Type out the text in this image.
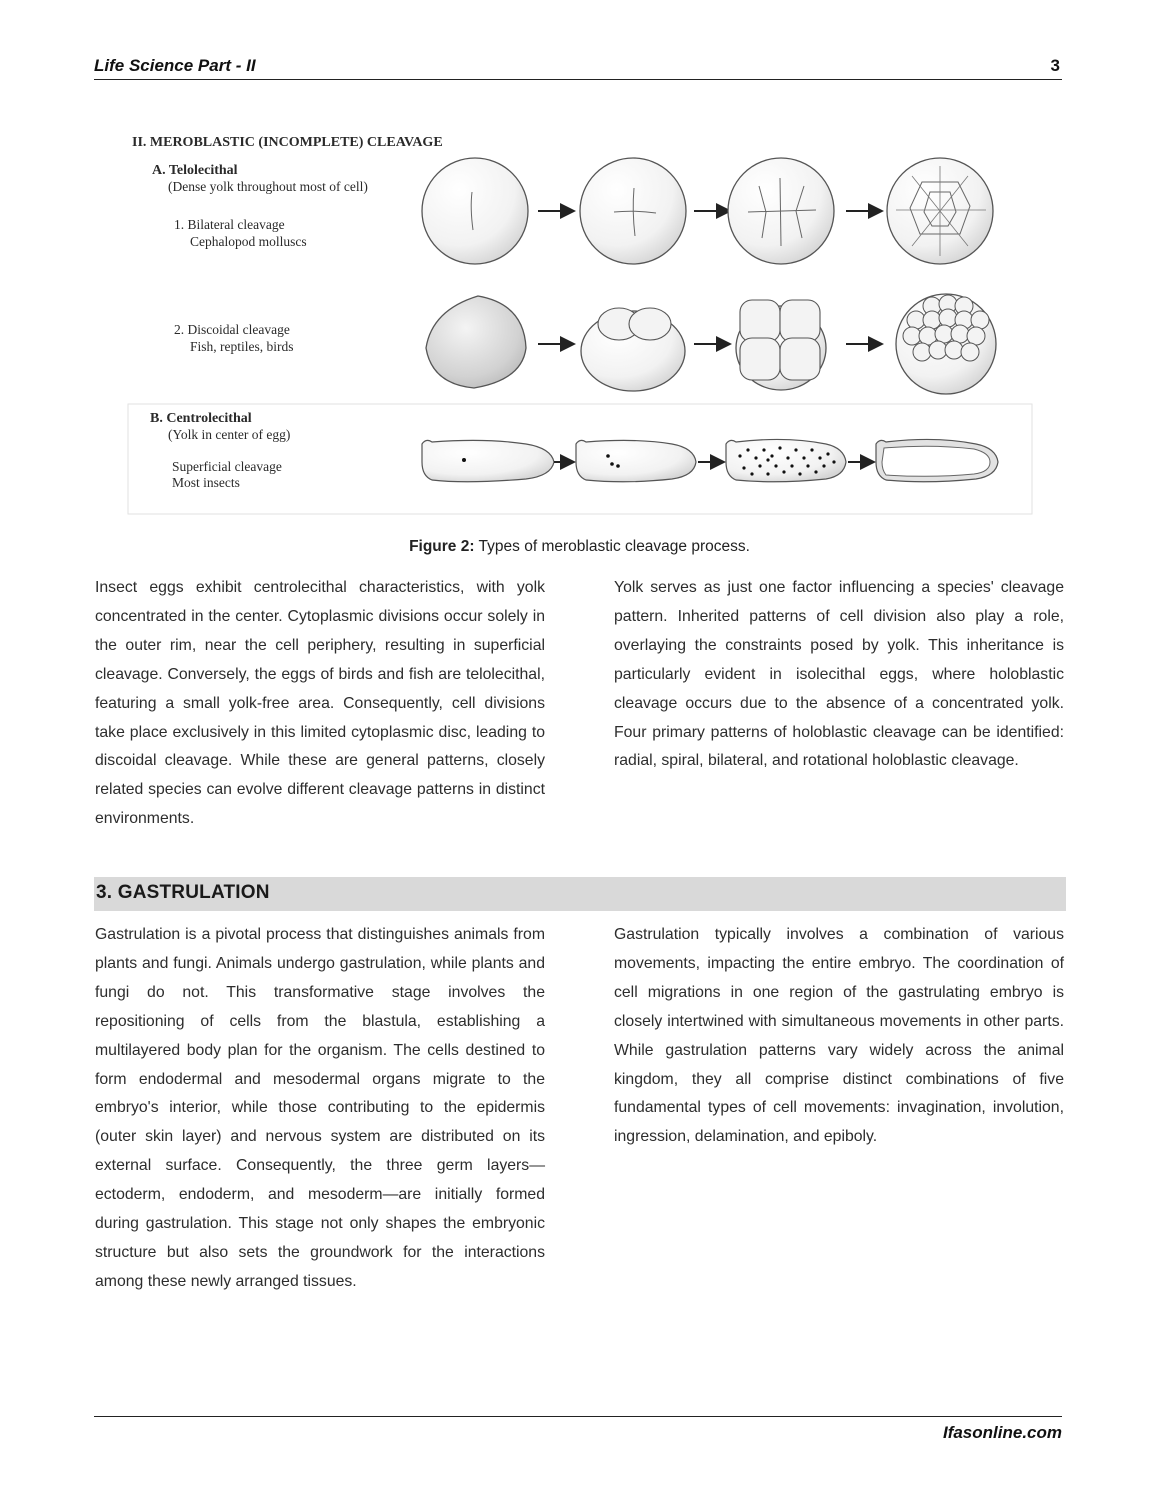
Life Science Part - II	3
II. MEROBLASTIC (INCOMPLETE) CLEAVAGE
A. Telolecithal
(Dense yolk throughout most of cell)
1. Bilateral cleavage
Cephalopod molluscs
2. Discoidal cleavage
Fish, reptiles, birds
B. Centrolecithal
(Yolk in center of egg)
Superficial cleavage
Most insects
Figure 2: Types of meroblastic cleavage process.

Insect eggs exhibit centrolecithal characteristics, with yolk concentrated in the center. Cytoplasmic divisions occur solely in the outer rim, near the cell periphery, resulting in superficial cleavage. Conversely, the eggs of birds and fish are telolecithal, featuring a small yolk-free area. Consequently, cell divisions take place exclusively in this limited cytoplasmic disc, leading to discoidal cleavage. While these are general patterns, closely related species can evolve different cleavage patterns in distinct environments.

Yolk serves as just one factor influencing a species' cleavage pattern. Inherited patterns of cell division also play a role, overlaying the constraints posed by yolk. This inheritance is particularly evident in isolecithal eggs, where holoblastic cleavage occurs due to the absence of a concentrated yolk. Four primary patterns of holoblastic cleavage can be identified: radial, spiral, bilateral, and rotational holoblastic cleavage.

3. GASTRULATION

Gastrulation is a pivotal process that distinguishes animals from plants and fungi. Animals undergo gastrulation, while plants and fungi do not. This transformative stage involves the repositioning of cells from the blastula, establishing a multilayered body plan for the organism. The cells destined to form endodermal and mesodermal organs migrate to the embryo's interior, while those contributing to the epidermis (outer skin layer) and nervous system are distributed on its external surface. Consequently, the three germ layers—ectoderm, endoderm, and mesoderm—are initially formed during gastrulation. This stage not only shapes the embryonic structure but also sets the groundwork for the interactions among these newly arranged tissues.

Gastrulation typically involves a combination of various movements, impacting the entire embryo. The coordination of cell migrations in one region of the gastrulating embryo is closely intertwined with simultaneous movements in other parts. While gastrulation patterns vary widely across the animal kingdom, they all comprise distinct combinations of five fundamental types of cell movements: invagination, involution, ingression, delamination, and epiboly.

Ifasonline.com
